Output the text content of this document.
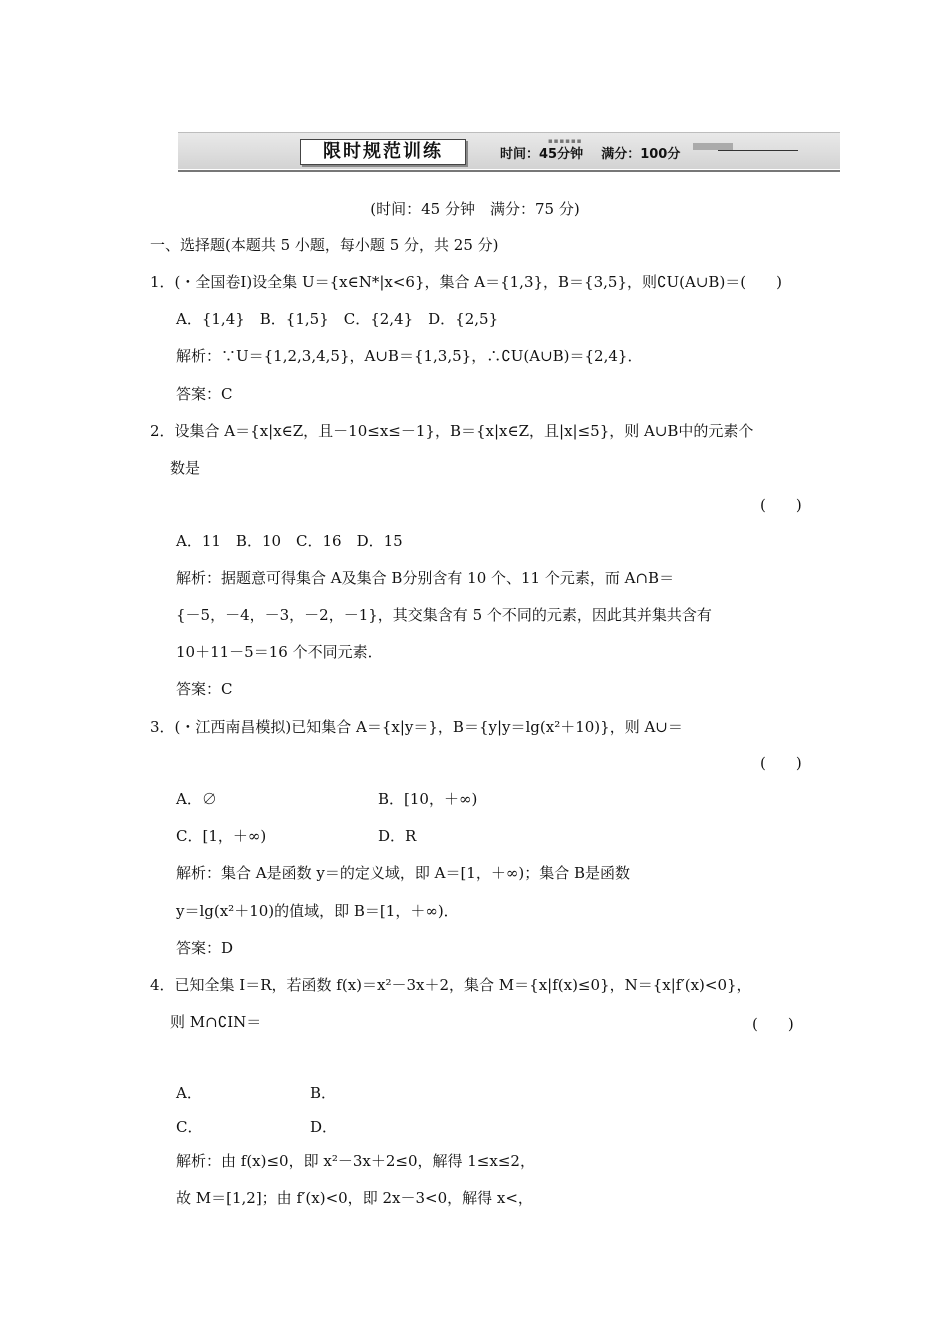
▪▪▪▪▪▪
限时规范训练	时间：45分钟 满分：100分
(时间：45 分钟　满分：75 分)
一、选择题(本题共 5 小题，每小题 5 分，共 25 分)
1．(・全国卷Ⅰ)设全集 U＝{x∈N*|x<6}，集合 A＝{1,3}，B＝{3,5}，则∁U(A∪B)＝(　　)
A．{1,4}　B．{1,5}　C．{2,4}　D．{2,5}
解析：∵U＝{1,2,3,4,5}，A∪B＝{1,3,5}，∴∁U(A∪B)＝{2,4}．
答案：C
2．设集合 A＝{x|x∈Z，且－10≤x≤－1}，B＝{x|x∈Z，且|x|≤5}，则 A∪B中的元素个
数是
(　　)
A．11　B．10　C．16　D．15
解析：据题意可得集合 A及集合 B分别含有 10 个、11 个元素，而 A∩B＝
{－5，－4，－3，－2，－1}，其交集含有 5 个不同的元素，因此其并集共含有
10＋11－5＝16 个不同元素．
答案：C
3．(・江西南昌模拟)已知集合 A＝{x|y＝}，B＝{y|y＝lg(x²＋10)}，则 A∪＝
(　　)
A．∅	B．[10，＋∞)
C．[1，＋∞)	D．R
解析：集合 A是函数 y＝的定义域，即 A＝[1，＋∞)；集合 B是函数
y＝lg(x²＋10)的值域，即 B＝[1，＋∞)．
答案：D
4．已知全集 I＝R，若函数 f(x)＝x²－3x＋2，集合 M＝{x|f(x)≤0}，N＝{x|f′(x)<0}，
则 M∩∁IN＝	(　　)
A．	B．
C．	D．
解析：由 f(x)≤0，即 x²－3x＋2≤0，解得 1≤x≤2，
故 M＝[1,2]；由 f′(x)<0，即 2x－3<0，解得 x<，
